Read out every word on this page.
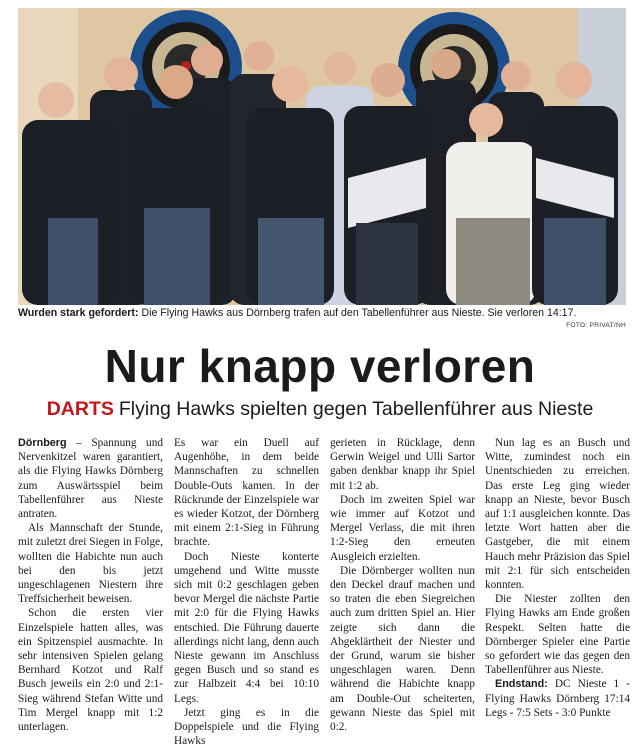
Wurden stark gefordert: Die Flying Hawks aus Dörnberg trafen auf den Tabellenführer aus Nieste. Sie verloren 14:17.
FOTO: PRIVAT/NH
Nur knapp verloren
DARTS Flying Hawks spielten gegen Tabellenführer aus Nieste

Dörnberg – Spannung und Nervenkitzel waren garantiert, als die Flying Hawks Dörnberg zum Auswärtsspiel beim Tabellenführer aus Nieste antraten.

Als Mannschaft der Stunde, mit zuletzt drei Siegen in Folge, wollten die Habichte nun auch bei den bis jetzt ungeschlagenen Niestern ihre Treffsicherheit beweisen.

Schon die ersten vier Einzelspiele hatten alles, was ein Spitzenspiel ausmachte. In sehr intensiven Spielen gelang Bernhard Kotzot und Ralf Busch jeweils ein 2:0 und 2:1-Sieg während Stefan Witte und Tim Mergel knapp mit 1:2 unterlagen.

Es war ein Duell auf Augenhöhe, in dem beide Mannschaften zu schnellen Double-Outs kamen. In der Rückrunde der Einzelspiele war es wieder Kotzot, der Dörnberg mit einem 2:1-Sieg in Führung brachte.

Doch Nieste konterte umgehend und Witte musste sich mit 0:2 geschlagen geben bevor Mergel die nächste Partie mit 2:0 für die Flying Hawks entschied. Die Führung dauerte allerdings nicht lang, denn auch Nieste gewann im Anschluss gegen Busch und so stand es zur Halbzeit 4:4 bei 10:10 Legs.

Jetzt ging es in die Doppelspiele und die Flying Hawks

gerieten in Rücklage, denn Gerwin Weigel und Ulli Sartor gaben denkbar knapp ihr Spiel mit 1:2 ab.

Doch im zweiten Spiel war wie immer auf Kotzot und Mergel Verlass, die mit ihren 1:2-Sieg den erneuten Ausgleich erzielten.

Die Dörnberger wollten nun den Deckel drauf machen und so traten die eben Siegreichen auch zum dritten Spiel an. Hier zeigte sich dann die Abgeklärtheit der Niester und der Grund, warum sie bisher ungeschlagen waren. Denn während die Habichte knapp am Double-Out scheiterten, gewann Nieste das Spiel mit 0:2.

Nun lag es an Busch und Witte, zumindest noch ein Unentschieden zu erreichen. Das erste Leg ging wieder knapp an Nieste, bevor Busch auf 1:1 ausgleichen konnte. Das letzte Wort hatten aber die Gastgeber, die mit einem Hauch mehr Präzision das Spiel mit 2:1 für sich entscheiden konnten.

Die Niester zollten den Flying Hawks am Ende großen Respekt. Selten hatte die Dörnberger Spieler eine Partie so gefordert wie das gegen den Tabellenführer aus Nieste.

Endstand: DC Nieste 1 - Flying Hawks Dörnberg 17:14 Legs - 7:5 Sets - 3:0 Punkte
